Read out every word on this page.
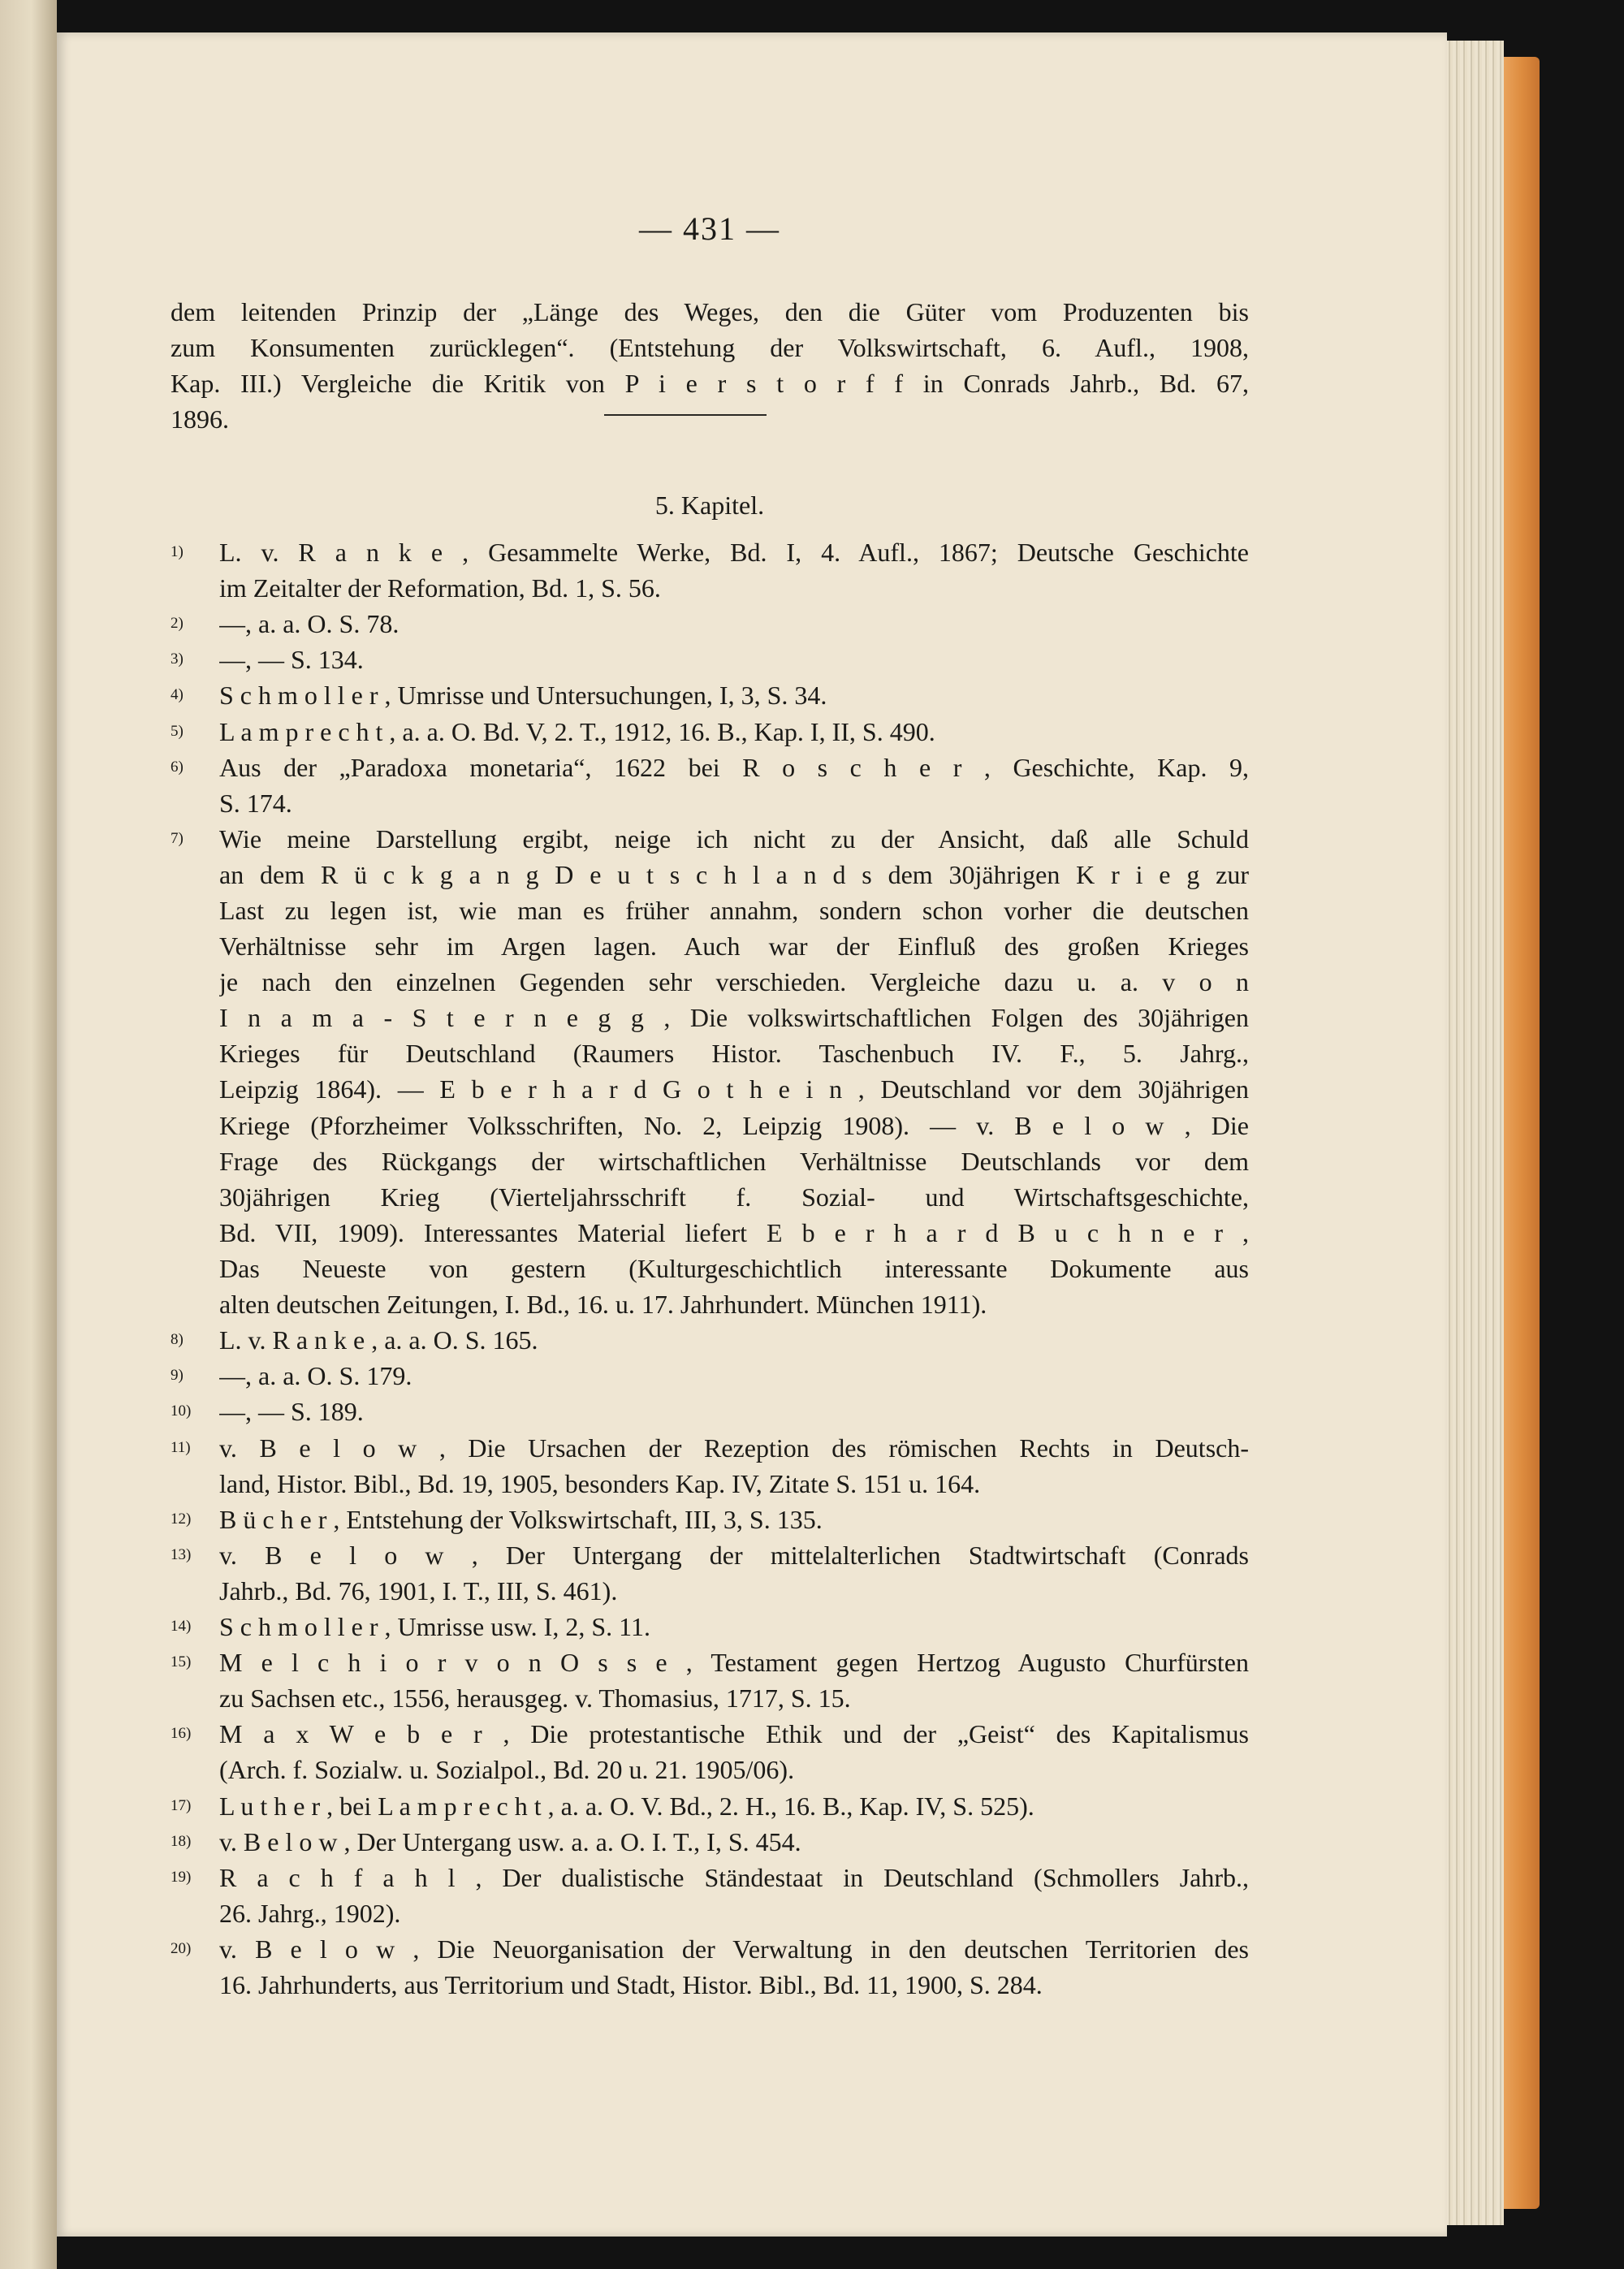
— 431 —
dem leitenden Prinzip der „Länge des Weges, den die Güter vom Produzenten bis
zum Konsumenten zurücklegen“. (Entstehung der Volkswirtschaft, 6. Aufl., 1908,
Kap. III.) Vergleiche die Kritik von P i e r s t o r f f in Conrads Jahrb., Bd. 67,
1896.
5. Kapitel.
$^{1)}$	L. v. R a n k e , Gesammelte Werke, Bd. I, 4. Aufl., 1867; Deutsche Geschichte
im Zeitalter der Reformation, Bd. 1, S. 56.
$^{2)}$	—, a. a. O. S. 78.
$^{3)}$	—, — S. 134.
$^{4)}$	S c h m o l l e r , Umrisse und Untersuchungen, I, 3, S. 34.
$^{5)}$	L a m p r e c h t , a. a. O. Bd. V, 2. T., 1912, 16. B., Kap. I, II, S. 490.
$^{6)}$	Aus der „Paradoxa monetaria“, 1622 bei R o s c h e r , Geschichte, Kap. 9,
S. 174.
$^{7)}$	Wie meine Darstellung ergibt, neige ich nicht zu der Ansicht, daß alle Schuld
an dem R ü c k g a n g D e u t s c h l a n d s dem 30jährigen K r i e g zur
Last zu legen ist, wie man es früher annahm, sondern schon vorher die deutschen
Verhältnisse sehr im Argen lagen. Auch war der Einfluß des großen Krieges
je nach den einzelnen Gegenden sehr verschieden. Vergleiche dazu u. a. v o n
I n a m a - S t e r n e g g , Die volkswirtschaftlichen Folgen des 30jährigen
Krieges für Deutschland (Raumers Histor. Taschenbuch IV. F., 5. Jahrg.,
Leipzig 1864). — E b e r h a r d G o t h e i n , Deutschland vor dem 30jährigen
Kriege (Pforzheimer Volksschriften, No. 2, Leipzig 1908). — v. B e l o w , Die
Frage des Rückgangs der wirtschaftlichen Verhältnisse Deutschlands vor dem
30jährigen Krieg (Vierteljahrsschrift f. Sozial- und Wirtschaftsgeschichte,
Bd. VII, 1909). Interessantes Material liefert E b e r h a r d B u c h n e r ,
Das Neueste von gestern (Kulturgeschichtlich interessante Dokumente aus
alten deutschen Zeitungen, I. Bd., 16. u. 17. Jahrhundert. München 1911).
$^{8)}$	L. v. R a n k e , a. a. O. S. 165.
$^{9)}$	—, a. a. O. S. 179.
$^{10)}$	—, — S. 189.
$^{11)}$	v. B e l o w , Die Ursachen der Rezeption des römischen Rechts in Deutsch-
land, Histor. Bibl., Bd. 19, 1905, besonders Kap. IV, Zitate S. 151 u. 164.
$^{12)}$	B ü c h e r , Entstehung der Volkswirtschaft, III, 3, S. 135.
$^{13)}$	v. B e l o w , Der Untergang der mittelalterlichen Stadtwirtschaft (Conrads
Jahrb., Bd. 76, 1901, I. T., III, S. 461).
$^{14)}$	S c h m o l l e r , Umrisse usw. I, 2, S. 11.
$^{15)}$	M e l c h i o r v o n O s s e , Testament gegen Hertzog Augusto Churfürsten
zu Sachsen etc., 1556, herausgeg. v. Thomasius, 1717, S. 15.
$^{16)}$	M a x W e b e r , Die protestantische Ethik und der „Geist“ des Kapitalismus
(Arch. f. Sozialw. u. Sozialpol., Bd. 20 u. 21. 1905/06).
$^{17)}$	L u t h e r , bei L a m p r e c h t , a. a. O. V. Bd., 2. H., 16. B., Kap. IV, S. 525).
$^{18)}$	v. B e l o w , Der Untergang usw. a. a. O. I. T., I, S. 454.
$^{19)}$	R a c h f a h l , Der dualistische Ständestaat in Deutschland (Schmollers Jahrb.,
26. Jahrg., 1902).
$^{20)}$	v. B e l o w , Die Neuorganisation der Verwaltung in den deutschen Territorien des
16. Jahrhunderts, aus Territorium und Stadt, Histor. Bibl., Bd. 11, 1900, S. 284.
